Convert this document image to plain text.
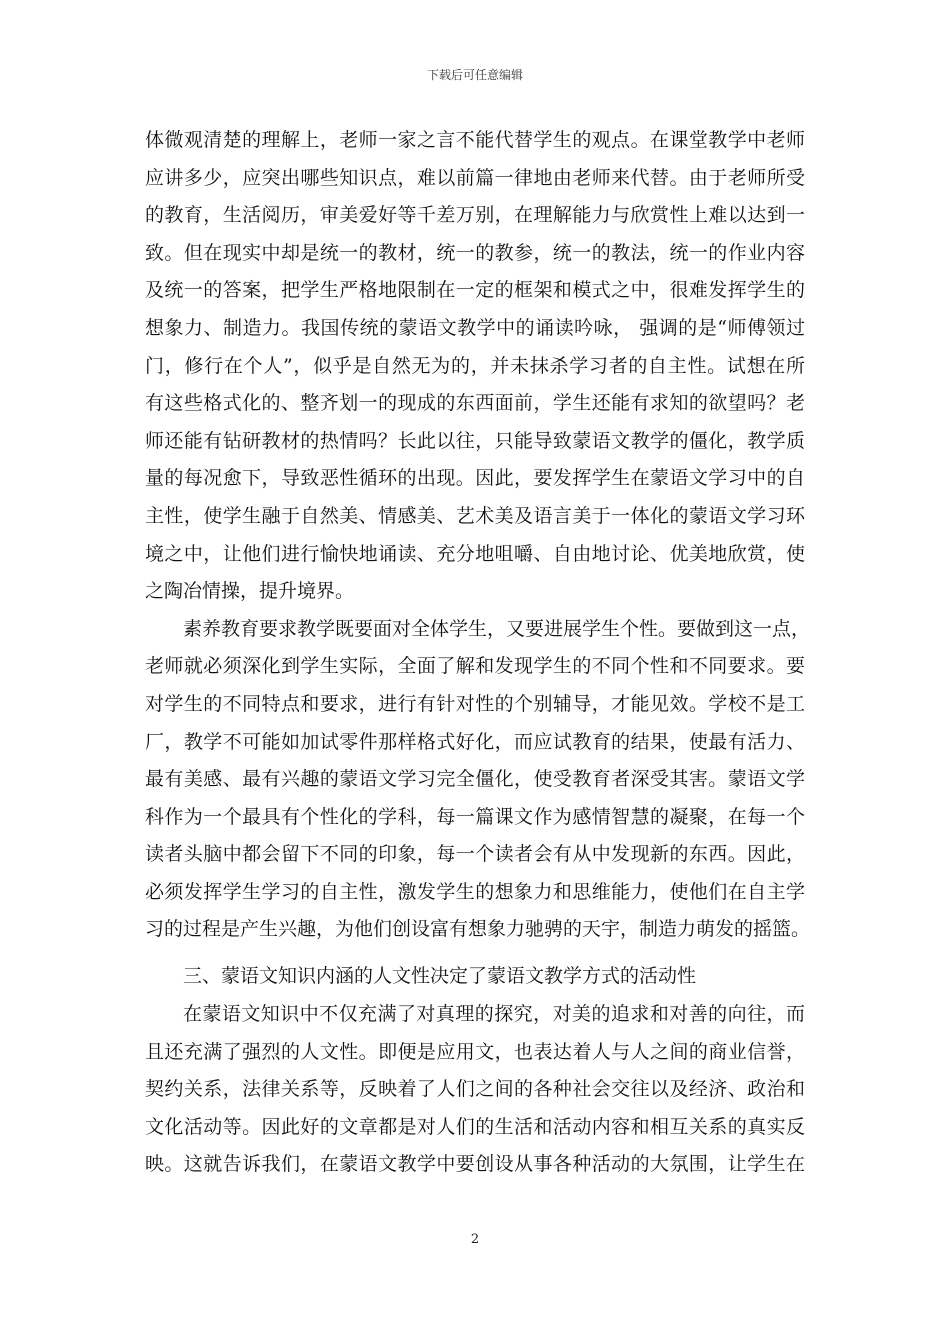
下载后可任意编辑
体微观清楚的理解上，老师一家之言不能代替学生的观点。在课堂教学中老师
应讲多少，应突出哪些知识点，难以前篇一律地由老师来代替。由于老师所受
的教育，生活阅历，审美爱好等千差万别，在理解能力与欣赏性上难以达到一
致。但在现实中却是统一的教材，统一的教参，统一的教法，统一的作业内容
及统一的答案，把学生严格地限制在一定的框架和模式之中，很难发挥学生的
想象力、制造力。我国传统的蒙语文教学中的诵读吟咏， 强调的是“师傅领过
门，修行在个人”，似乎是自然无为的，并未抹杀学习者的自主性。试想在所
有这些格式化的、整齐划一的现成的东西面前，学生还能有求知的欲望吗？老
师还能有钻研教材的热情吗？长此以往，只能导致蒙语文教学的僵化，教学质
量的每况愈下，导致恶性循环的出现。因此，要发挥学生在蒙语文学习中的自
主性，使学生融于自然美、情感美、艺术美及语言美于一体化的蒙语文学习环
境之中，让他们进行愉快地诵读、充分地咀嚼、自由地讨论、优美地欣赏，使
之陶冶情操，提升境界。
素养教育要求教学既要面对全体学生，又要进展学生个性。要做到这一点，
老师就必须深化到学生实际，全面了解和发现学生的不同个性和不同要求。要
对学生的不同特点和要求，进行有针对性的个别辅导，才能见效。学校不是工
厂，教学不可能如加试零件那样格式好化，而应试教育的结果，使最有活力、
最有美感、最有兴趣的蒙语文学习完全僵化，使受教育者深受其害。蒙语文学
科作为一个最具有个性化的学科，每一篇课文作为感情智慧的凝聚，在每一个
读者头脑中都会留下不同的印象，每一个读者会有从中发现新的东西。因此，
必须发挥学生学习的自主性，激发学生的想象力和思维能力，使他们在自主学
习的过程是产生兴趣，为他们创设富有想象力驰骋的天宇，制造力萌发的摇篮。
三、蒙语文知识内涵的人文性决定了蒙语文教学方式的活动性
在蒙语文知识中不仅充满了对真理的探究，对美的追求和对善的向往，而
且还充满了强烈的人文性。即便是应用文，也表达着人与人之间的商业信誉，
契约关系，法律关系等，反映着了人们之间的各种社会交往以及经济、政治和
文化活动等。因此好的文章都是对人们的生活和活动内容和相互关系的真实反
映。这就告诉我们，在蒙语文教学中要创设从事各种活动的大氛围，让学生在
2
